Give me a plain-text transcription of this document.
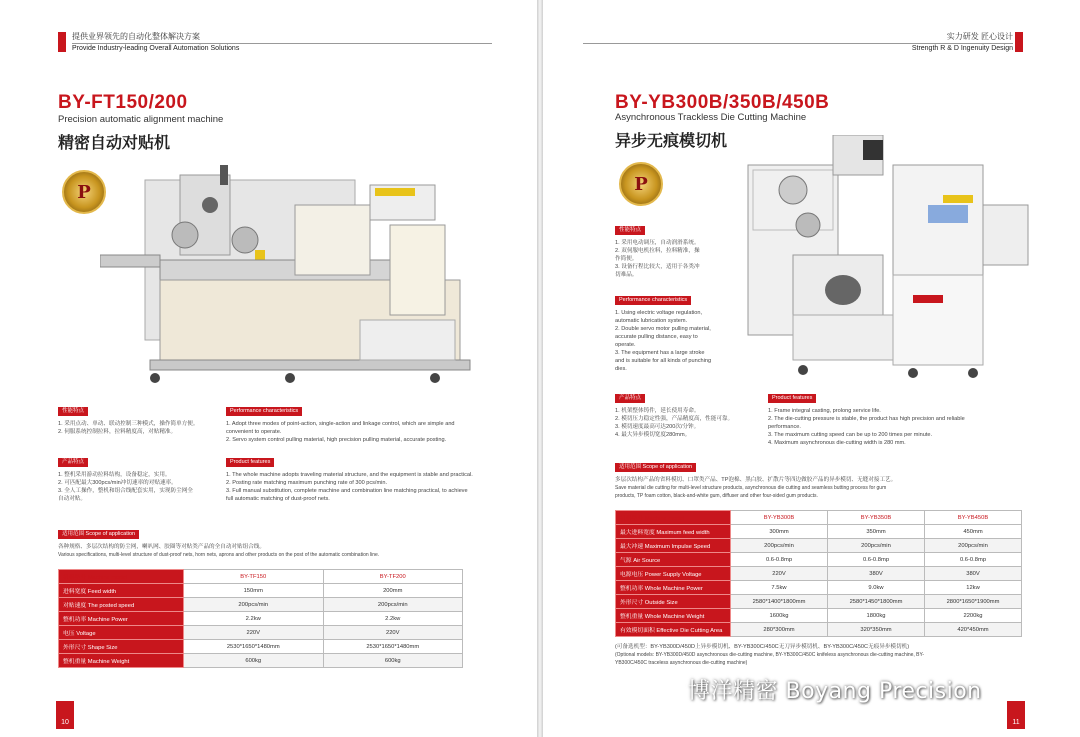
提供业界领先的自动化整体解决方案
Provide Industry-leading Overall Automation Solutions
BY-FT150/200
Precision automatic alignment machine
精密自动对贴机
P
性能特点
1. 采用点动、单动、联动控制三种模式，操作简单方便。
2. 伺服系统控制拉料，拉料精度高，对贴精准。
Performance characteristics
1. Adopt three modes of point-action, single-action and linkage control, which are simple and
convenient to operate.
2. Servo system control pulling material, high precision pulling material, accurate posting.
产品特点
1. 整机采用游动拉料结构，设备稳定，实用。
2. 可匹配最大300pcs/min冲切速率的对贴速率。
3. 全人工操作，整机和组合线配套实用，实现防尘网全
自动对贴。
Product features
1. The whole machine adopts traveling material structure, and the equipment is stable and practical.
2. Posting rate matching maximum punching rate of 300 pcs/min.
3. Full manual substitution, complete machine and combination line matching practical, to achieve
full automatic matching of dust-proof nets.
适用范围 Scope of application
各种规格、多层次结构的防尘网，喇叭网、胶圈等对贴类产品的全自动对贴组合线。
Various specifications, multi-level structure of dust-proof nets, horn nets, aprons and other products on the post of the automatic combination line.
机器型号 Machine model	BY-TF150	BY-TF200
进料宽度 Feed width	150mm	200mm
对贴速度 The posted speed	200pcs/min	200pcs/min
整机功率 Machine Power	2.2kw	2.2kw
电压 Voltage	220V	220V
外形尺寸 Shape Size	2530*1650*1480mm	2530*1650*1480mm
整机重量 Machine Weight	600kg	600kg
10
实力研发 匠心设计
Strength R & D Ingenuity Design
BY-YB300B/350B/450B
Asynchronous Trackless Die Cutting Machine
异步无痕模切机
P
性能特点
1. 采用电动调压，自动润滑系统。
2. 双伺服电机拉料，拉料精准，操
作简便。
3. 设备行程比较大，适用于各类冲
切难品。
Performance characteristics
1. Using electric voltage regulation,
automatic lubrication system.
2. Double servo motor pulling material,
accurate pulling distance, easy to
operate.
3. The equipment has a large stroke
and is suitable for all kinds of punching
dies.
产品特点
1. 机架整体铸件，延长使用寿命。
2. 模切压力稳定性强，产品精度高，性能可靠。
3. 模切速度最高可达200次/分钟。
4. 最大异步模切宽度280mm。
Product features
1. Frame integral casting, prolong service life.
2. The die-cutting pressure is stable, the product has high precision and reliable
performance.
3. The maximum cutting speed can be up to 200 times per minute.
4. Maximum asynchronous die-cutting width is 280 mm.
适用范围 Scope of application
多层次结构产品的省料模切、口罩类产品、TP泡棉、黑白胶、扩散片等四边做胶产品的异步模切、无缝对接工艺。
Save material die cutting for multi-level structure products, asynchronous die cutting and seamless butting process for gum
products, TP foam cotton, black-and-white gum, diffuser and other four-sided gum products.
机器型号 Machine model	BY-YB300B	BY-YB350B	BY-YB450B
最大进料宽度 Maximum feed width	300mm	350mm	450mm
最大冲速 Maximum Impulse Speed	200pcs/min	200pcs/min	200pcs/min
气源 Air Source	0.6-0.8mp	0.6-0.8mp	0.6-0.8mp
电源电压 Power Supply Voltage	220V	380V	380V
整机功率 Whole Machine Power	7.5kw	9.0kw	12kw
外形尺寸 Outside Size	2580*1400*1800mm	2580*1450*1800mm	2800*1650*1900mm
整机重量 Whole Machine Weight	1600kg	1800kg	2200kg
有效模切面积 Effective Die Cutting Area	280*300mm	320*350mm	420*450mm
(可备选机型：BY-YB300D/450D上异步模切机、BY-YB300C/450C无刀异步模切机、BY-YB300C/450C无痕异步模切机)
(Optional models: BY-YB300D/450D asynchronous die-cutting machine, BY-YB300C/450C knifeless asynchronous die-cutting machine, BY-
YB300C/450C traceless asynchronous die-cutting machine)
11
博洋精密 Boyang Precision
